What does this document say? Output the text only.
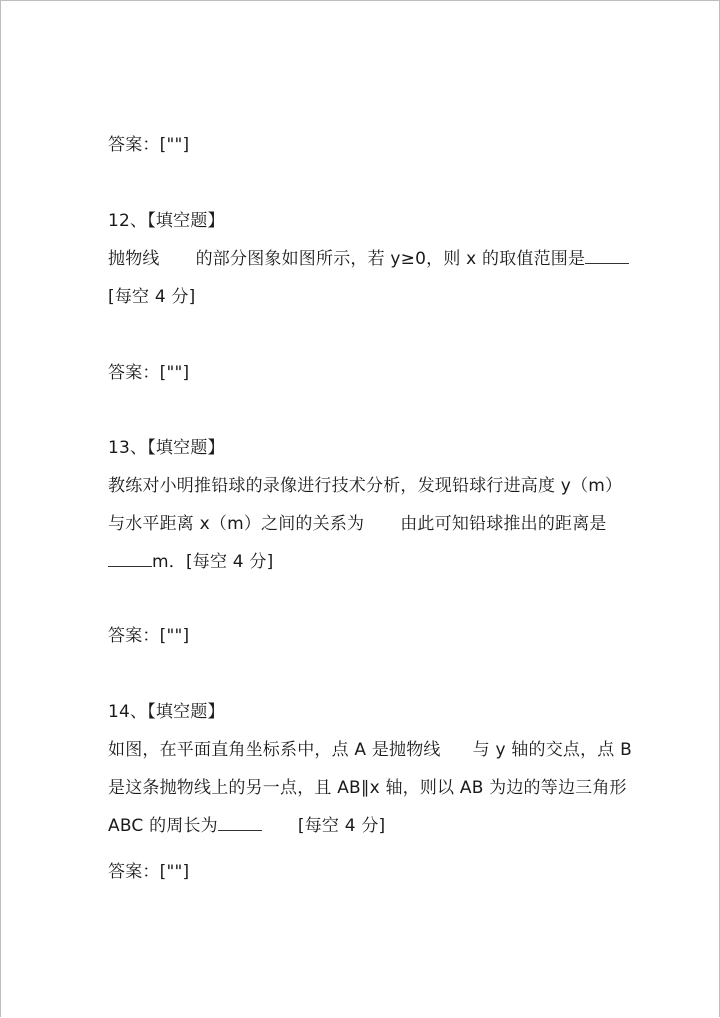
答案：[""]
12、【填空题】
抛物线 的部分图象如图所示，若 y≥0，则 x 的取值范围是
[每空 4 分]
答案：[""]
13、【填空题】
教练对小明推铅球的录像进行技术分析，发现铅球行进高度 y（m）
与水平距离 x（m）之间的关系为 由此可知铅球推出的距离是
m．[每空 4 分]
答案：[""]
14、【填空题】
如图，在平面直角坐标系中，点 A 是抛物线 与 y 轴的交点，点 B
是这条抛物线上的另一点，且 AB∥x 轴，则以 AB 为边的等边三角形
ABC 的周长为	[每空 4 分]
答案：[""]
